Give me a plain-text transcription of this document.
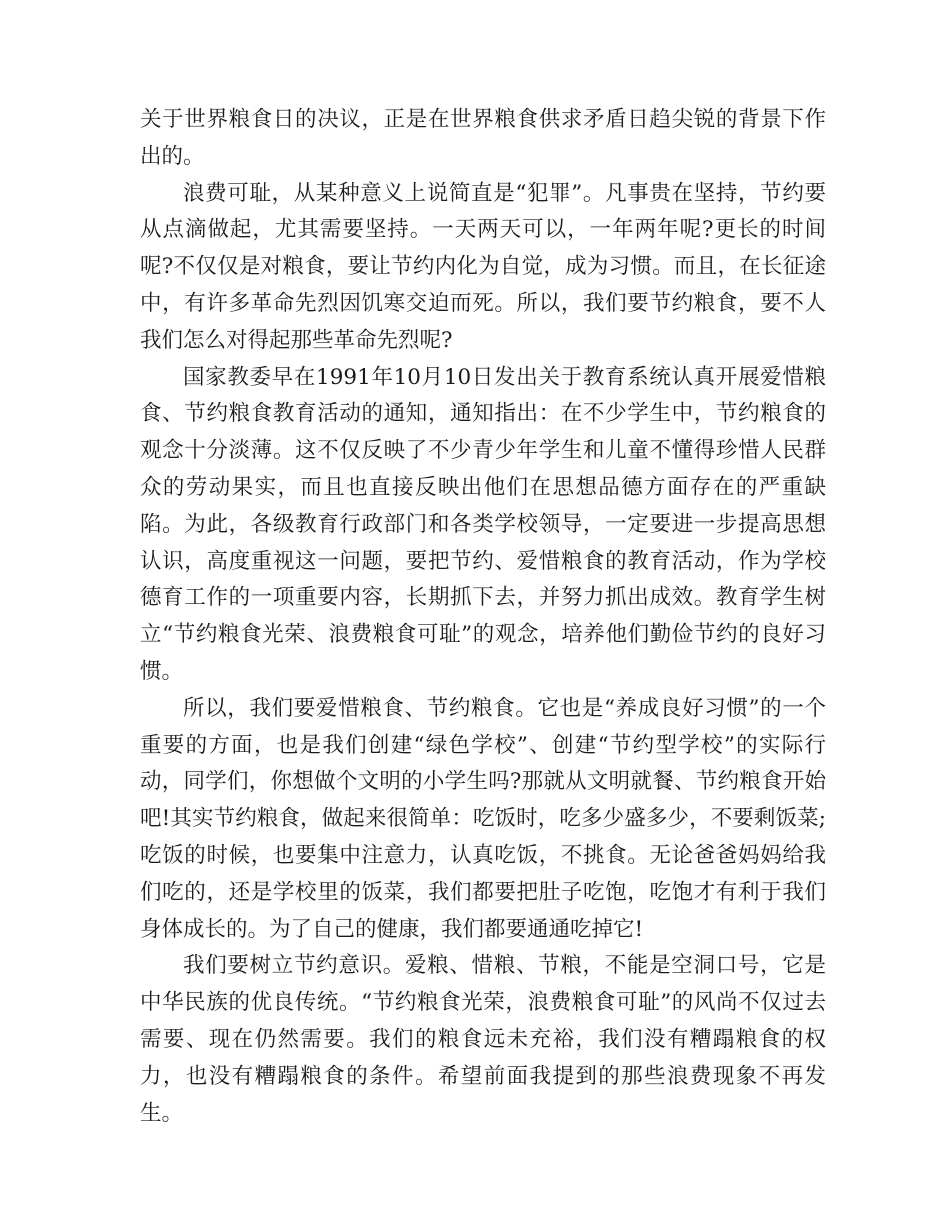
关于世界粮食日的决议，正是在世界粮食供求矛盾日趋尖锐的背景下作出的。

浪费可耻，从某种意义上说简直是“犯罪”。凡事贵在坚持，节约要从点滴做起，尤其需要坚持。一天两天可以，一年两年呢?更长的时间呢?不仅仅是对粮食，要让节约内化为自觉，成为习惯。而且，在长征途中，有许多革命先烈因饥寒交迫而死。所以，我们要节约粮食，要不人我们怎么对得起那些革命先烈呢?

国家教委早在1991年10月10日发出关于教育系统认真开展爱惜粮食、节约粮食教育活动的通知，通知指出：在不少学生中，节约粮食的观念十分淡薄。这不仅反映了不少青少年学生和儿童不懂得珍惜人民群众的劳动果实，而且也直接反映出他们在思想品德方面存在的严重缺陷。为此，各级教育行政部门和各类学校领导，一定要进一步提高思想认识，高度重视这一问题，要把节约、爱惜粮食的教育活动，作为学校德育工作的一项重要内容，长期抓下去，并努力抓出成效。教育学生树立“节约粮食光荣、浪费粮食可耻”的观念，培养他们勤俭节约的良好习惯。

所以，我们要爱惜粮食、节约粮食。它也是“养成良好习惯”的一个重要的方面，也是我们创建“绿色学校”、创建“节约型学校”的实际行动，同学们，你想做个文明的小学生吗?那就从文明就餐、节约粮食开始吧!其实节约粮食，做起来很简单：吃饭时，吃多少盛多少，不要剩饭菜;吃饭的时候，也要集中注意力，认真吃饭，不挑食。无论爸爸妈妈给我们吃的，还是学校里的饭菜，我们都要把肚子吃饱，吃饱才有利于我们身体成长的。为了自己的健康，我们都要通通吃掉它!

我们要树立节约意识。爱粮、惜粮、节粮，不能是空洞口号，它是中华民族的优良传统。“节约粮食光荣，浪费粮食可耻”的风尚不仅过去需要、现在仍然需要。我们的粮食远未充裕，我们没有糟蹋粮食的权力，也没有糟蹋粮食的条件。希望前面我提到的那些浪费现象不再发生。
